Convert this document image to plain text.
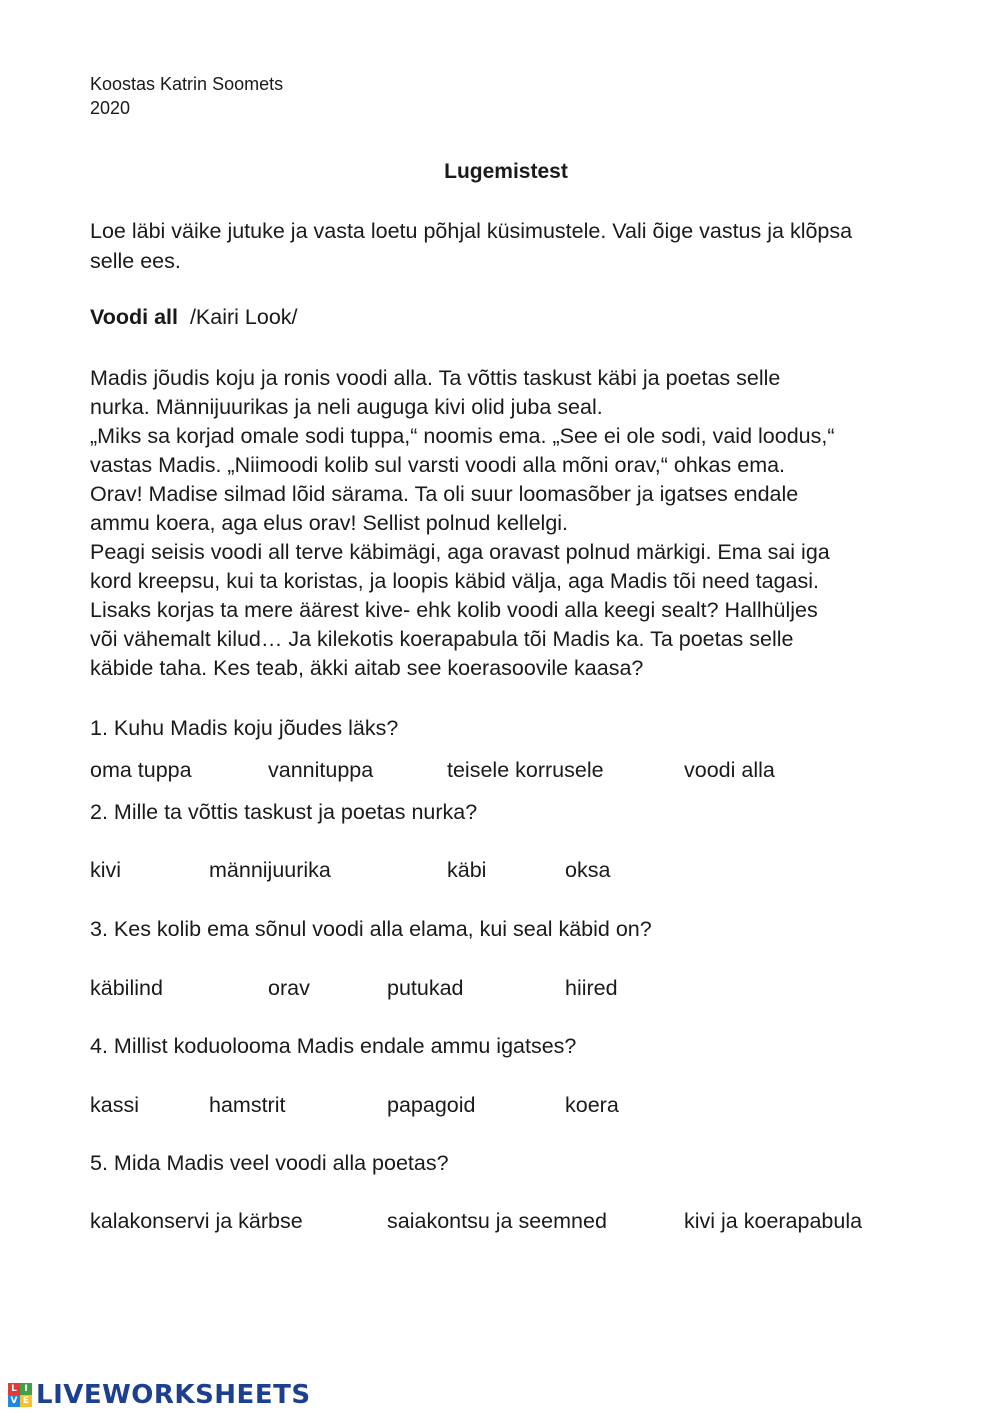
Koostas Katrin Soomets
2020
Lugemistest
Loe läbi väike jutuke ja vasta loetu põhjal küsimustele. Vali õige vastus ja klõpsa selle ees.
Voodi all /Kairi Look/
Madis jõudis koju ja ronis voodi alla. Ta võttis taskust käbi ja poetas selle
nurka. Männijuurikas ja neli auguga kivi olid juba seal.
„Miks sa korjad omale sodi tuppa,“ noomis ema. „See ei ole sodi, vaid loodus,“
vastas Madis. „Niimoodi kolib sul varsti voodi alla mõni orav,“ ohkas ema.
Orav! Madise silmad lõid särama. Ta oli suur loomasõber ja igatses endale
ammu koera, aga elus orav! Sellist polnud kellelgi.
Peagi seisis voodi all terve käbimägi, aga oravast polnud märkigi. Ema sai iga
kord kreepsu, kui ta koristas, ja loopis käbid välja, aga Madis tõi need tagasi.
Lisaks korjas ta mere äärest kive- ehk kolib voodi alla keegi sealt? Hallhüljes
või vähemalt kilud… Ja kilekotis koerapabula tõi Madis ka. Ta poetas selle
käbide taha. Kes teab, äkki aitab see koerasoovile kaasa?
1. Kuhu Madis koju jõudes läks?
oma tuppa	vannituppa	teisele korrusele	voodi alla
2. Mille ta võttis taskust ja poetas nurka?
kivi	männijuurika	käbi	oksa
3. Kes kolib ema sõnul voodi alla elama, kui seal käbid on?
käbilind	orav	putukad	hiired
4. Millist koduolooma Madis endale ammu igatses?
kassi	hamstrit	papagoid	koera
5. Mida Madis veel voodi alla poetas?
kalakonservi ja kärbse	saiakontsu ja seemned	kivi ja koerapabula
L I
V E LIVEWORKSHEETS
